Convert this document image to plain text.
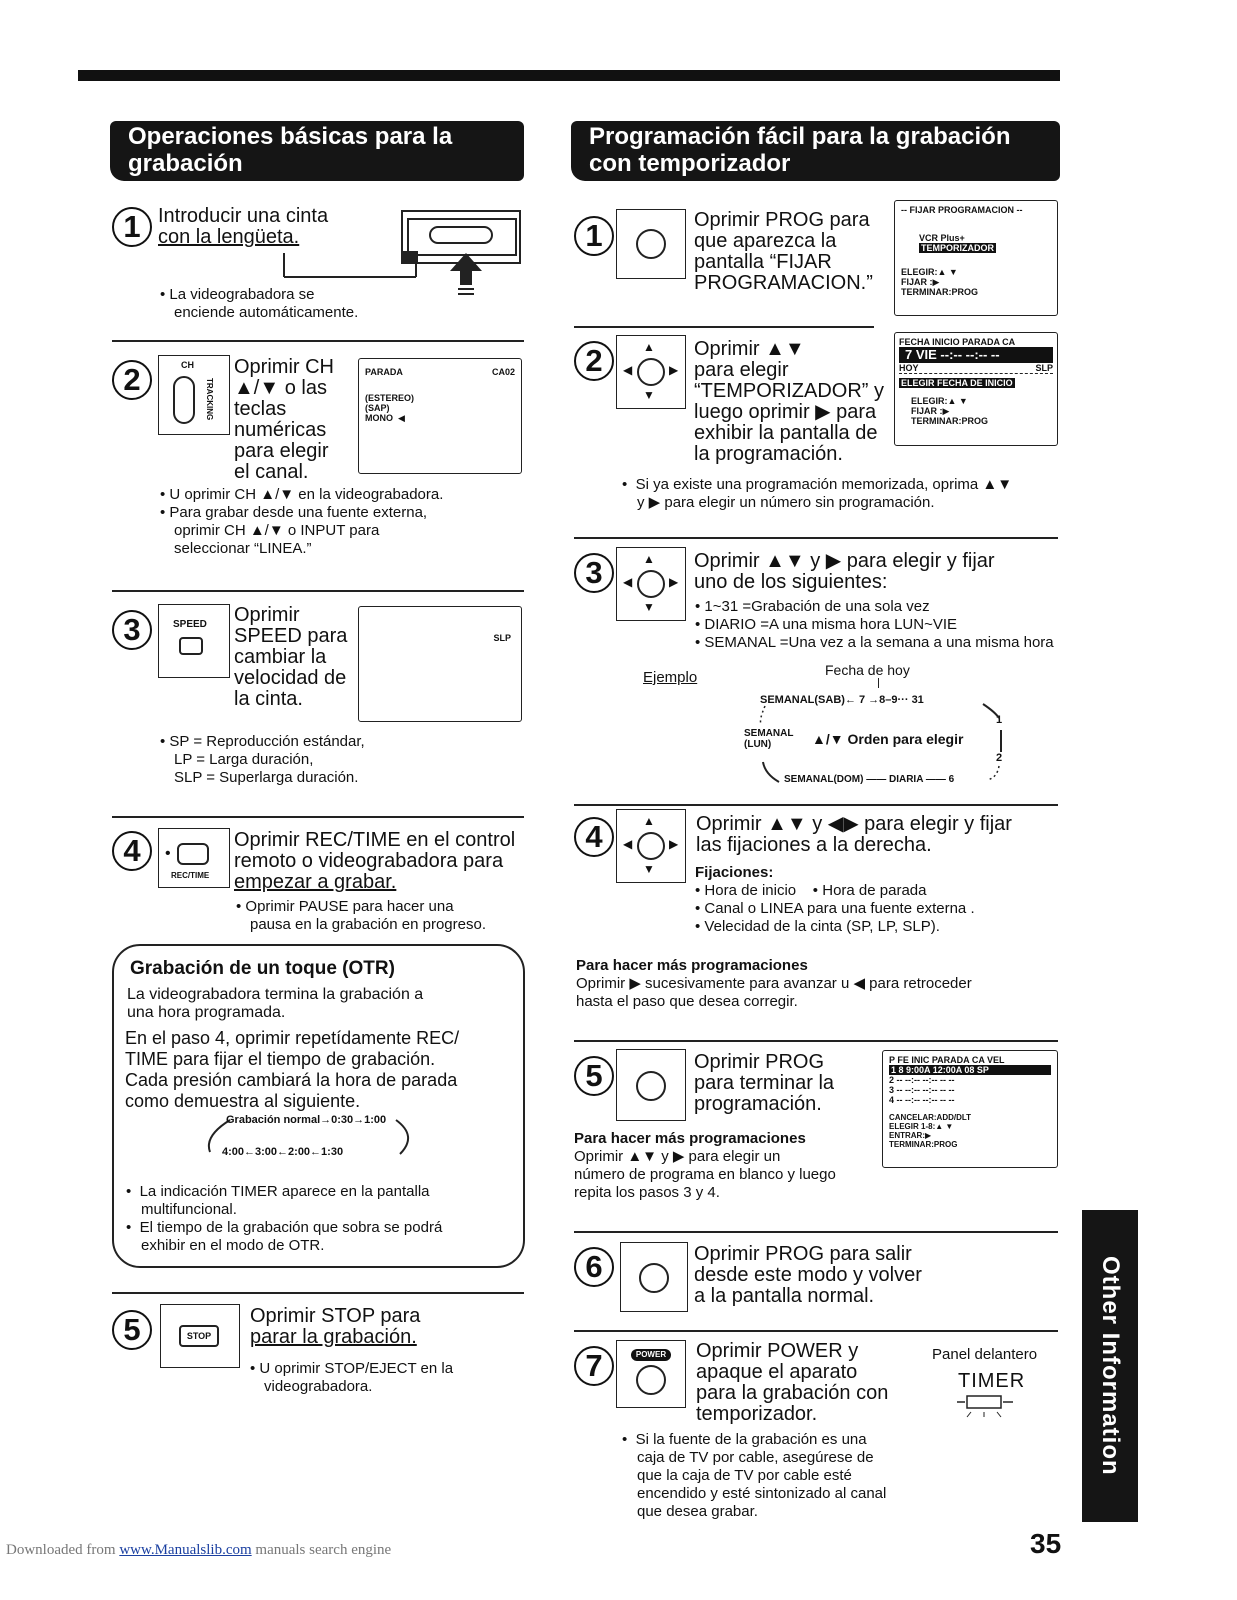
Operaciones básicas para la grabación
1 Introducir una cinta
con la lengüeta.
• La videograbadora se
enciende automáticamente.
2	CH
TRACKING
Oprimir CH
▲/▼ o las
teclas
numéricas
para elegir
el canal.
PARADA	CA02
(ESTEREO)
(SAP)
MONO  ◀
• U oprimir CH ▲/▼ en la videograbadora.
• Para grabar desde una fuente externa,
oprimir CH ▲/▼ o INPUT para
seleccionar “LINEA.”
3	SPEED Oprimir
SPEED para
cambiar la
velocidad de
la cinta.
SLP
• SP = Reproducción estándar,
LP = Larga duración,
SLP = Superlarga duración.
4	•
REC/TIME
Oprimir REC/TIME en el control
remoto o videograbadora para
empezar a grabar.
• Oprimir PAUSE para hacer una
pausa en la grabación en progreso.
Grabación de un toque (OTR)
La videograbadora termina la grabación a
una hora programada.
En el paso 4, oprimir repetídamente REC/
TIME para fijar el tiempo de grabación.
Cada presión cambiará la hora de parada
como demuestra al siguiente.
Grabación normal→0:30→1:00
4:00←3:00←2:00←1:30
•  La indicación TIMER aparece en la pantalla
multifuncional.
•  El tiempo de la grabación que sobra se podrá
exhibir en el modo de OTR.
5	STOP
Oprimir STOP para
parar la grabación.
• U oprimir STOP/EJECT en la
videograbadora.
Programación fácil para la grabación con temporizador
1	Oprimir PROG para
que aparezca la
pantalla “FIJAR
PROGRAMACION.”
-- FIJAR PROGRAMACION --
VCR Plus+
TEMPORIZADOR
ELEGIR:▲ ▼
FIJAR :▶
TERMINAR:PROG
2	▲
◀	▶
▼
Oprimir ▲▼
para elegir
“TEMPORIZADOR” y
luego oprimir ▶ para
exhibir la pantalla de
la programación.
FECHA INICIO PARADA CA
7 VIE --:-- --:-- --
HOY	SLP
ELEGIR FECHA DE INICIO
ELEGIR:▲ ▼
FIJAR :▶
TERMINAR:PROG
•  Si ya existe una programación memorizada, oprima ▲▼
y ▶ para elegir un número sin programación.
3	▲
◀	▶
▼
Oprimir ▲▼ y ▶ para elegir y fijar
uno de los siguientes:
• 1~31 =Grabación de una sola vez
• DIARIO =A una misma hora LUN~VIE
• SEMANAL =Una vez a la semana a una misma hora
Ejemplo	Fecha de hoy
SEMANAL(SAB)← 7 →8–9··· 31
SEMANAL
(LUN)	▲/▼ Orden para elegir
1
2
SEMANAL(DOM) —— DIARIA —— 6
4	▲
◀	▶
▼
Oprimir ▲▼ y ◀▶ para elegir y fijar
las fijaciones a la derecha.
Fijaciones:
• Hora de inicio    • Hora de parada
• Canal o LINEA para una fuente externa .
• Velecidad de la cinta (SP, LP, SLP).
Para hacer más programaciones
Oprimir ▶ sucesivamente para avanzar u ◀ para retroceder
hasta el paso que desea corregir.
5	Oprimir PROG
para terminar la
programación.
P FE INIC PARADA CA VEL
1 8 9:00A 12:00A 08 SP
2 -- --:-- --:-- -- --
3 -- --:-- --:-- -- --
4 -- --:-- --:-- -- --
CANCELAR:ADD/DLT
ELEGIR 1-8:▲ ▼
ENTRAR:▶
TERMINAR:PROG
Para hacer más programaciones
Oprimir ▲▼ y ▶ para elegir un
número de programa en blanco y luego
repita los pasos 3 y 4.
6	Oprimir PROG para salir
desde este modo y volver
a la pantalla normal.
7	POWER Oprimir POWER y
apaque el aparato
para la grabación con
temporizador.
Panel delantero
TIMER
•  Si la fuente de la grabación es una
caja de TV por cable, asegúrese de
que la caja de TV por cable esté
encendido y esté sintonizado al canal
que desea grabar.
Other Information
35
Downloaded from www.Manualslib.com manuals search engine
